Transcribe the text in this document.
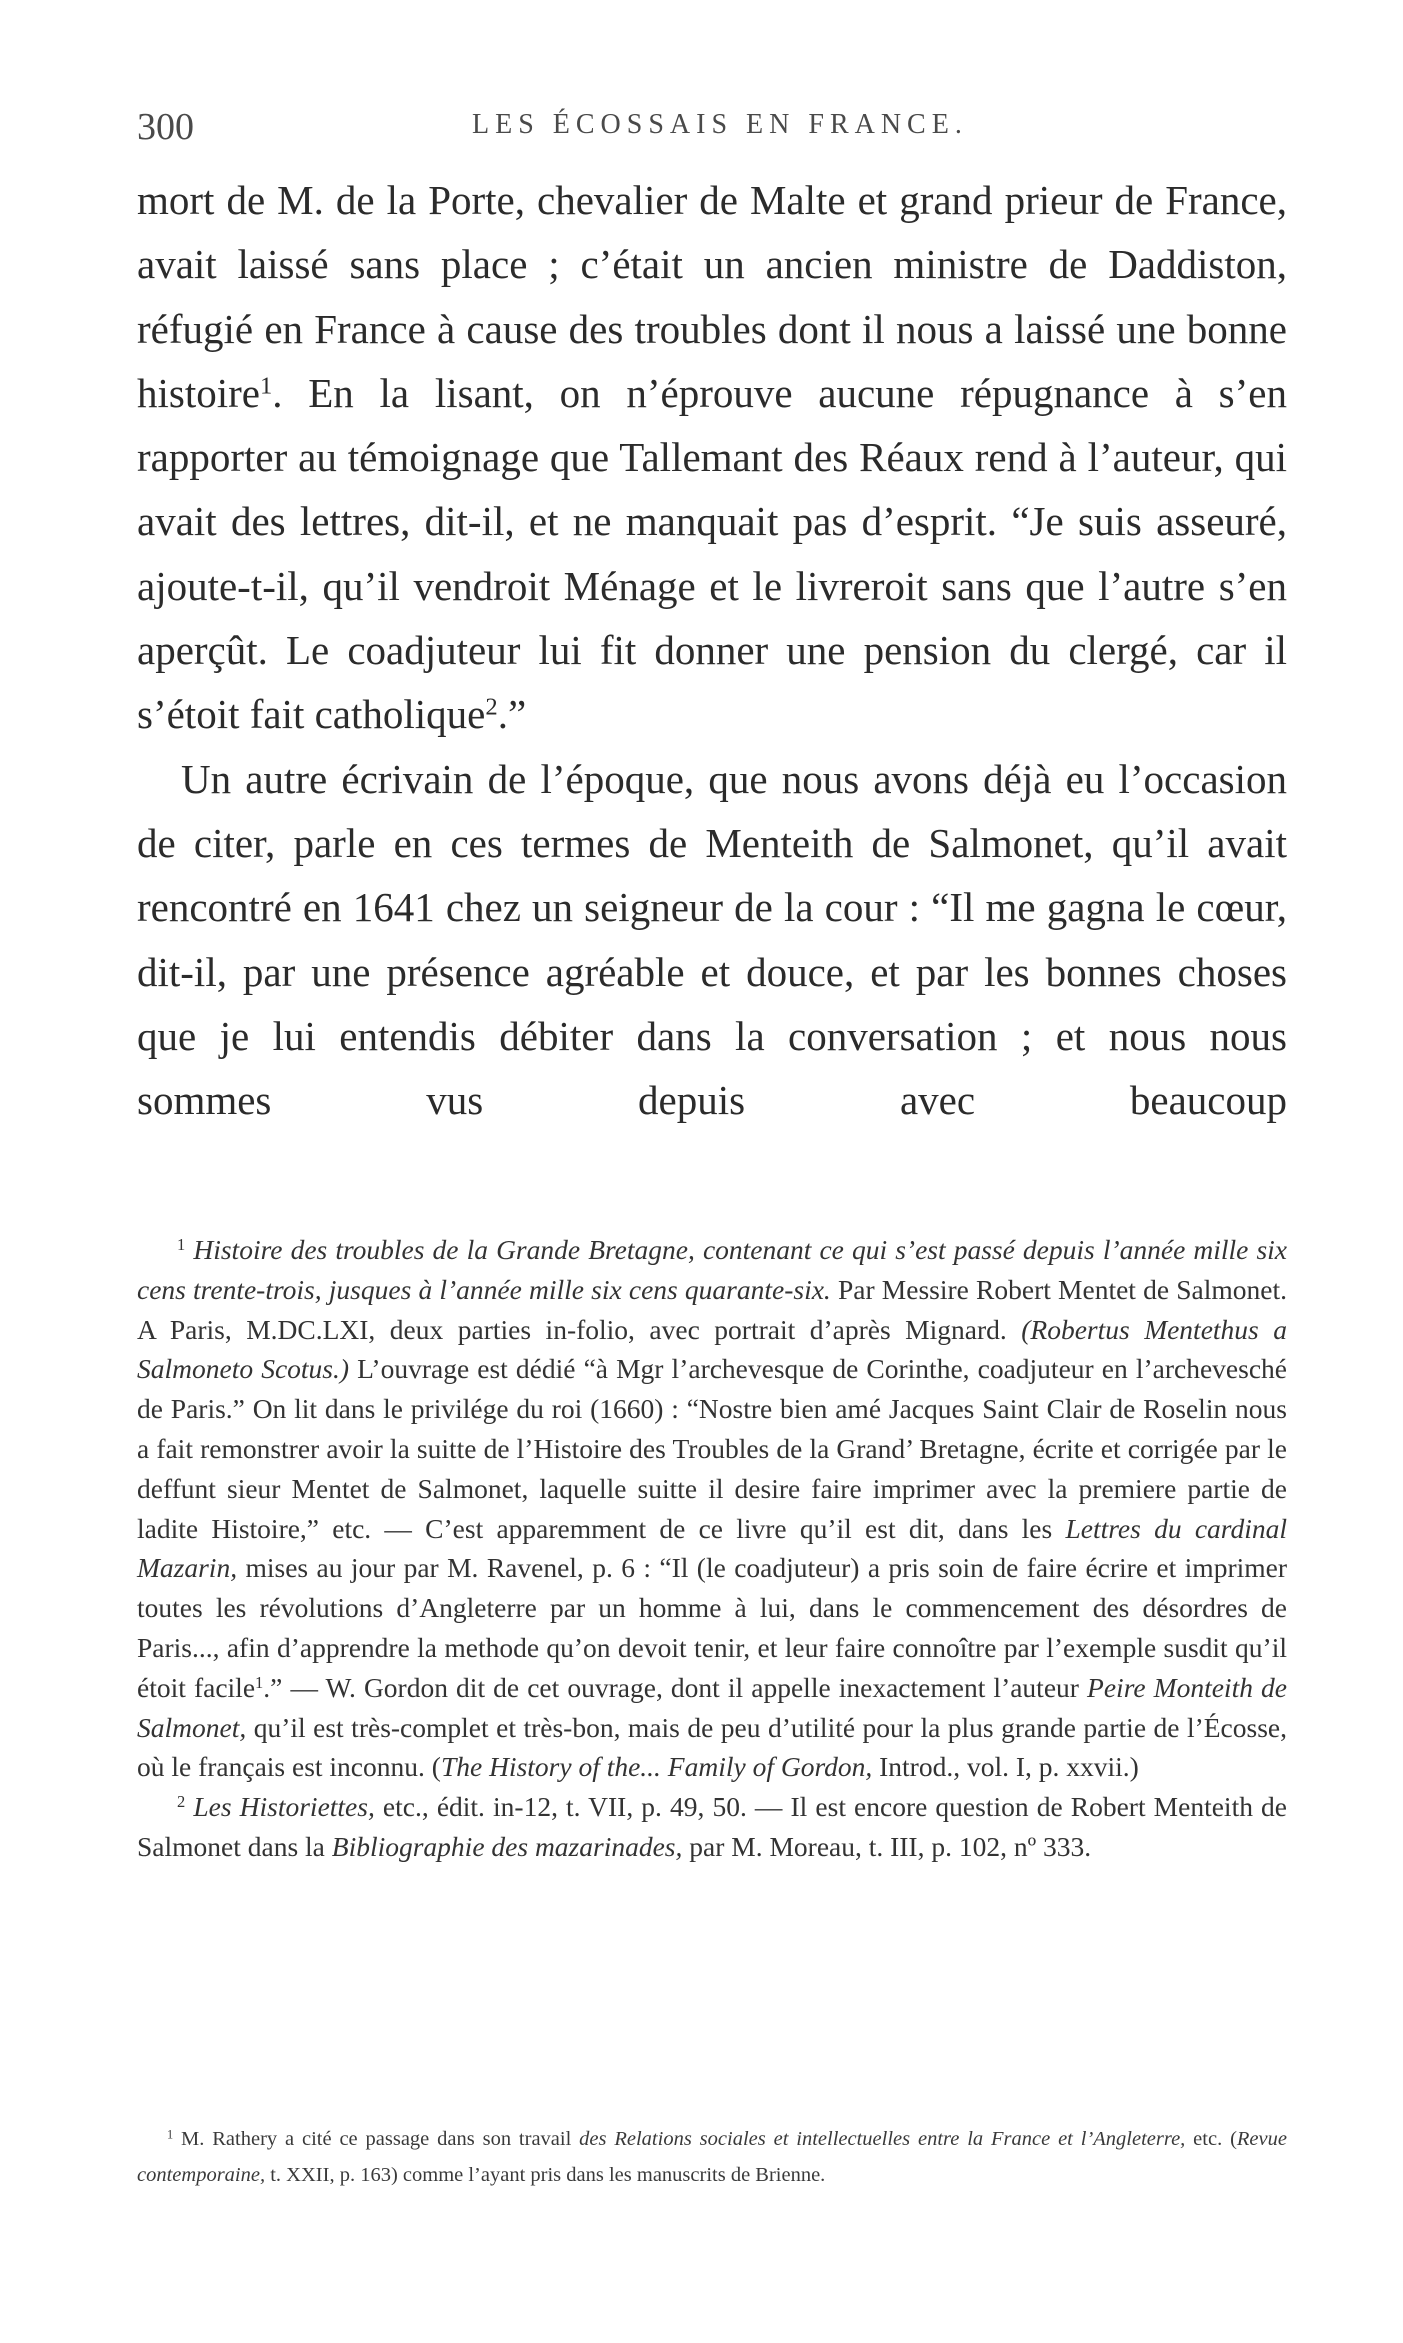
300	LES ÉCOSSAIS EN FRANCE.

mort de M. de la Porte, chevalier de Malte et grand prieur de France, avait laissé sans place ; c’était un ancien ministre de Daddiston, réfugié en France à cause des troubles dont il nous a laissé une bonne histoire$^1$. En la lisant, on n’éprouve aucune répugnance à s’en rapporter au témoignage que Tallemant des Réaux rend à l’auteur, qui avait des lettres, dit-il, et ne manquait pas d’esprit. “Je suis asseuré, ajoute-t-il, qu’il vendroit Ménage et le livreroit sans que l’autre s’en aperçût. Le coadjuteur lui fit donner une pension du clergé, car il s’étoit fait catholique$^2$.”

Un autre écrivain de l’époque, que nous avons déjà eu l’occasion de citer, parle en ces termes de Menteith de Salmonet, qu’il avait rencontré en 1641 chez un seigneur de la cour : “Il me gagna le cœur, dit-il, par une présence agréable et douce, et par les bonnes choses que je lui entendis débiter dans la conversation ; et nous nous sommes vus depuis avec beaucoup

$^1$ Histoire des troubles de la Grande Bretagne, contenant ce qui s’est passé depuis l’année mille six cens trente-trois, jusques à l’année mille six cens quarante-six. Par Messire Robert Mentet de Salmonet. A Paris, M.DC.LXI, deux parties in-folio, avec portrait d’après Mignard. (Robertus Mentethus a Salmoneto Scotus.) L’ouvrage est dédié “à Mgr l’archevesque de Corinthe, coadjuteur en l’archevesché de Paris.” On lit dans le privilége du roi (1660) : “Nostre bien amé Jacques Saint Clair de Roselin nous a fait remonstrer avoir la suitte de l’Histoire des Troubles de la Grand’ Bretagne, écrite et corrigée par le deffunt sieur Mentet de Salmonet, laquelle suitte il desire faire imprimer avec la premiere partie de ladite Histoire,” etc. — C’est apparemment de ce livre qu’il est dit, dans les Lettres du cardinal Mazarin, mises au jour par M. Ravenel, p. 6 : “Il (le coadjuteur) a pris soin de faire écrire et imprimer toutes les révolutions d’Angleterre par un homme à lui, dans le commencement des désordres de Paris..., afin d’apprendre la methode qu’on devoit tenir, et leur faire connoître par l’exemple susdit qu’il étoit facile$^1$.” — W. Gordon dit de cet ouvrage, dont il appelle inexactement l’auteur Peire Monteith de Salmonet, qu’il est très-complet et très-bon, mais de peu d’utilité pour la plus grande partie de l’Écosse, où le français est inconnu. (The History of the... Family of Gordon, Introd., vol. I, p. xxvii.)

$^2$ Les Historiettes, etc., édit. in-12, t. VII, p. 49, 50. — Il est encore question de Robert Menteith de Salmonet dans la Bibliographie des mazarinades, par M. Moreau, t. III, p. 102, nº 333.

$^1$ M. Rathery a cité ce passage dans son travail des Relations sociales et intellectuelles entre la France et l’Angleterre, etc. (Revue contemporaine, t. XXII, p. 163) comme l’ayant pris dans les manuscrits de Brienne.
